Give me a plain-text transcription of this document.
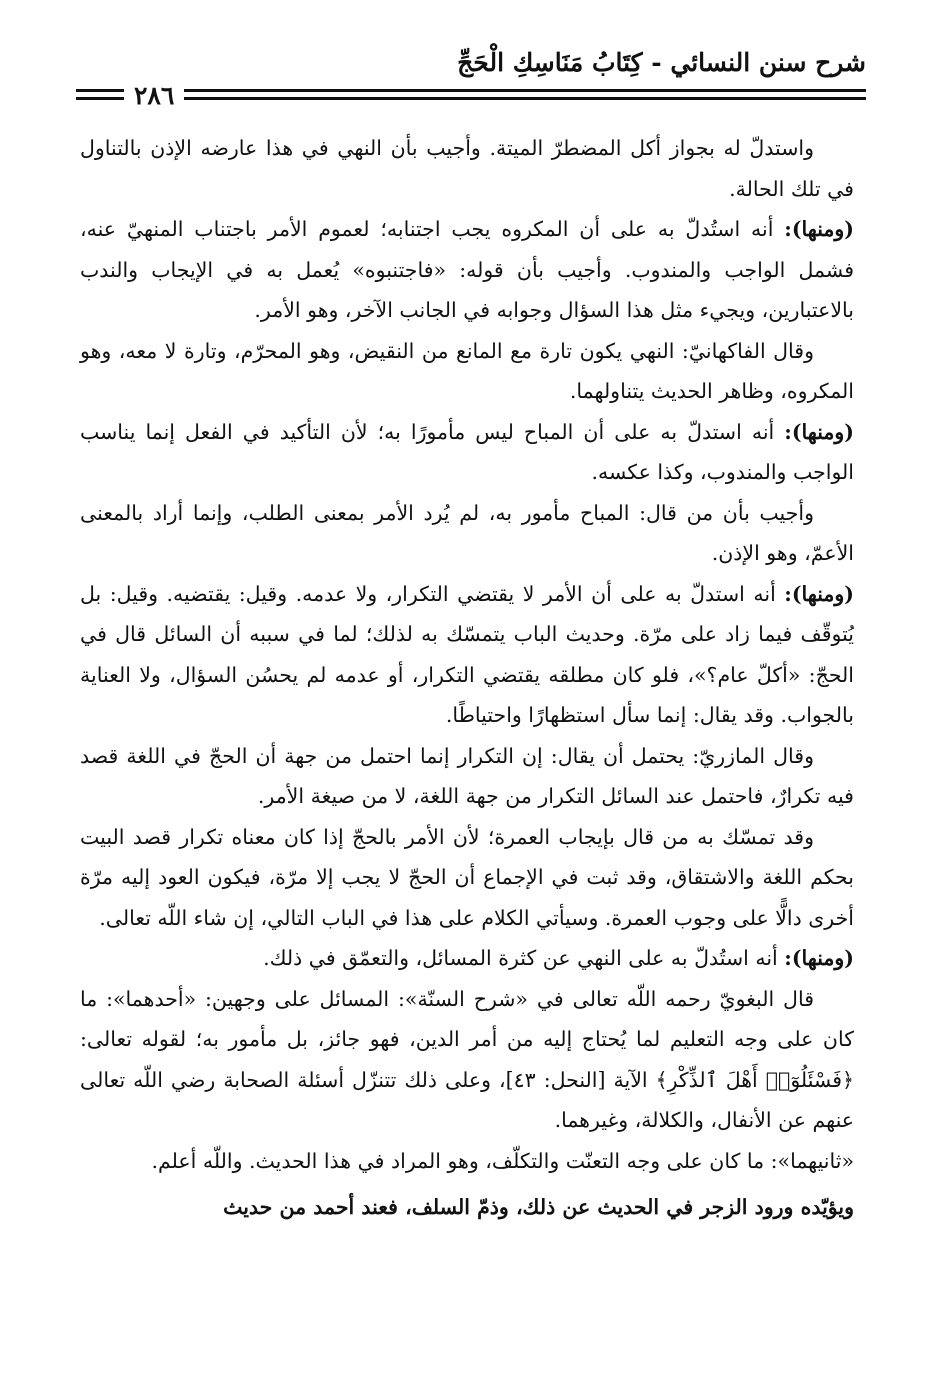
شرح سنن النسائي - كِتَابُ مَنَاسِكِ الْحَجِّ
٢٨٦

واستدلّ له بجواز أكل المضطرّ الميتة. وأجيب بأن النهي في هذا عارضه الإذن بالتناول في تلك الحالة.

(ومنها): أنه استُدلّ به على أن المكروه يجب اجتنابه؛ لعموم الأمر باجتناب المنهيّ عنه، فشمل الواجب والمندوب. وأجيب بأن قوله: «فاجتنبوه» يُعمل به في الإيجاب والندب بالاعتبارين، ويجيء مثل هذا السؤال وجوابه في الجانب الآخر، وهو الأمر.

وقال الفاكهانيّ: النهي يكون تارة مع المانع من النقيض، وهو المحرّم، وتارة لا معه، وهو المكروه، وظاهر الحديث يتناولهما.

(ومنها): أنه استدلّ به على أن المباح ليس مأمورًا به؛ لأن التأكيد في الفعل إنما يناسب الواجب والمندوب، وكذا عكسه.

وأجيب بأن من قال: المباح مأمور به، لم يُرد الأمر بمعنى الطلب، وإنما أراد بالمعنى الأعمّ، وهو الإذن.

(ومنها): أنه استدلّ به على أن الأمر لا يقتضي التكرار، ولا عدمه. وقيل: يقتضيه. وقيل: بل يُتوقّف فيما زاد على مرّة. وحديث الباب يتمسّك به لذلك؛ لما في سببه أن السائل قال في الحجّ: «أكلّ عام؟»، فلو كان مطلقه يقتضي التكرار، أو عدمه لم يحسُن السؤال، ولا العناية بالجواب. وقد يقال: إنما سأل استظهارًا واحتياطًا.

وقال المازريّ: يحتمل أن يقال: إن التكرار إنما احتمل من جهة أن الحجّ في اللغة قصد فيه تكرارٌ، فاحتمل عند السائل التكرار من جهة اللغة، لا من صيغة الأمر.

وقد تمسّك به من قال بإيجاب العمرة؛ لأن الأمر بالحجّ إذا كان معناه تكرار قصد البيت بحكم اللغة والاشتقاق، وقد ثبت في الإجماع أن الحجّ لا يجب إلا مرّة، فيكون العود إليه مرّة أخرى دالًّا على وجوب العمرة. وسيأتي الكلام على هذا في الباب التالي، إن شاء اللّه تعالى.

(ومنها): أنه استُدلّ به على النهي عن كثرة المسائل، والتعمّق في ذلك.

قال البغويّ رحمه اللّه تعالى في «شرح السنّة»: المسائل على وجهين: «أحدهما»: ما كان على وجه التعليم لما يُحتاج إليه من أمر الدين، فهو جائز، بل مأمور به؛ لقوله تعالى: ﴿فَسْئَلُوٓا۟ أَهْلَ ٱلذِّكْرِ﴾ الآية [النحل: ٤٣]، وعلى ذلك تتنزّل أسئلة الصحابة رضي اللّه تعالى عنهم عن الأنفال، والكلالة، وغيرهما.

«ثانيهما»: ما كان على وجه التعنّت والتكلّف، وهو المراد في هذا الحديث. واللّه أعلم.

ويؤيّده ورود الزجر في الحديث عن ذلك، وذمّ السلف، فعند أحمد من حديث
